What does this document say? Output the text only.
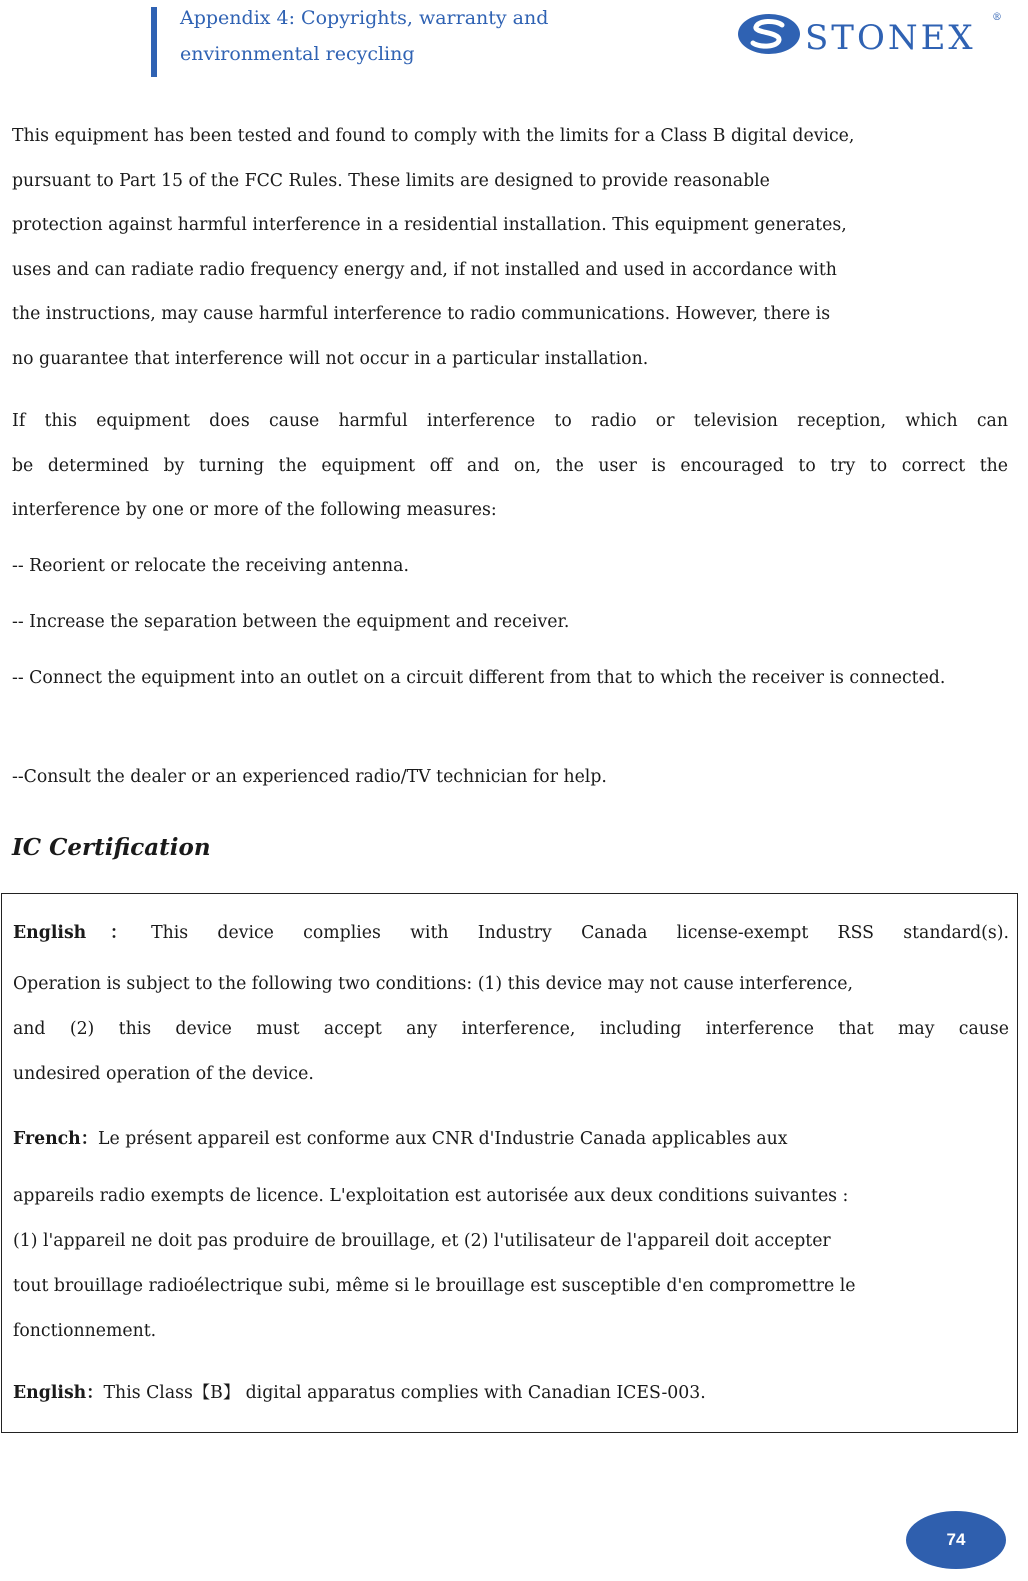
Appendix 4: Copyrights, warranty and
environmental recycling	STONEX
®
This equipment has been tested and found to comply with the limits for a Class B digital device,
pursuant to Part 15 of the FCC Rules. These limits are designed to provide reasonable
protection against harmful interference in a residential installation. This equipment generates,
uses and can radiate radio frequency energy and, if not installed and used in accordance with
the instructions, may cause harmful interference to radio communications. However, there is
no guarantee that interference will not occur in a particular installation.
If this equipment does cause harmful interference to radio or television reception, which can
be determined by turning the equipment off and on, the user is encouraged to try to correct the
interference by one or more of the following measures:
-- Reorient or relocate the receiving antenna.
-- Increase the separation between the equipment and receiver.
-- Connect the equipment into an outlet on a circuit different from that to which the receiver is connected.
--Consult the dealer or an experienced radio/TV technician for help.
IC Certification
English：This device complies with Industry Canada license-exempt RSS standard(s).
Operation is subject to the following two conditions: (1) this device may not cause interference,
and (2) this device must accept any interference, including interference that may cause
undesired operation of the device.
French：Le présent appareil est conforme aux CNR d'Industrie Canada applicables aux
appareils radio exempts de licence. L'exploitation est autorisée aux deux conditions suivantes :
(1) l'appareil ne doit pas produire de brouillage, et (2) l'utilisateur de l'appareil doit accepter
tout brouillage radioélectrique subi, même si le brouillage est susceptible d'en compromettre le
fonctionnement.
English：This Class【B】 digital apparatus complies with Canadian ICES-003.
74
